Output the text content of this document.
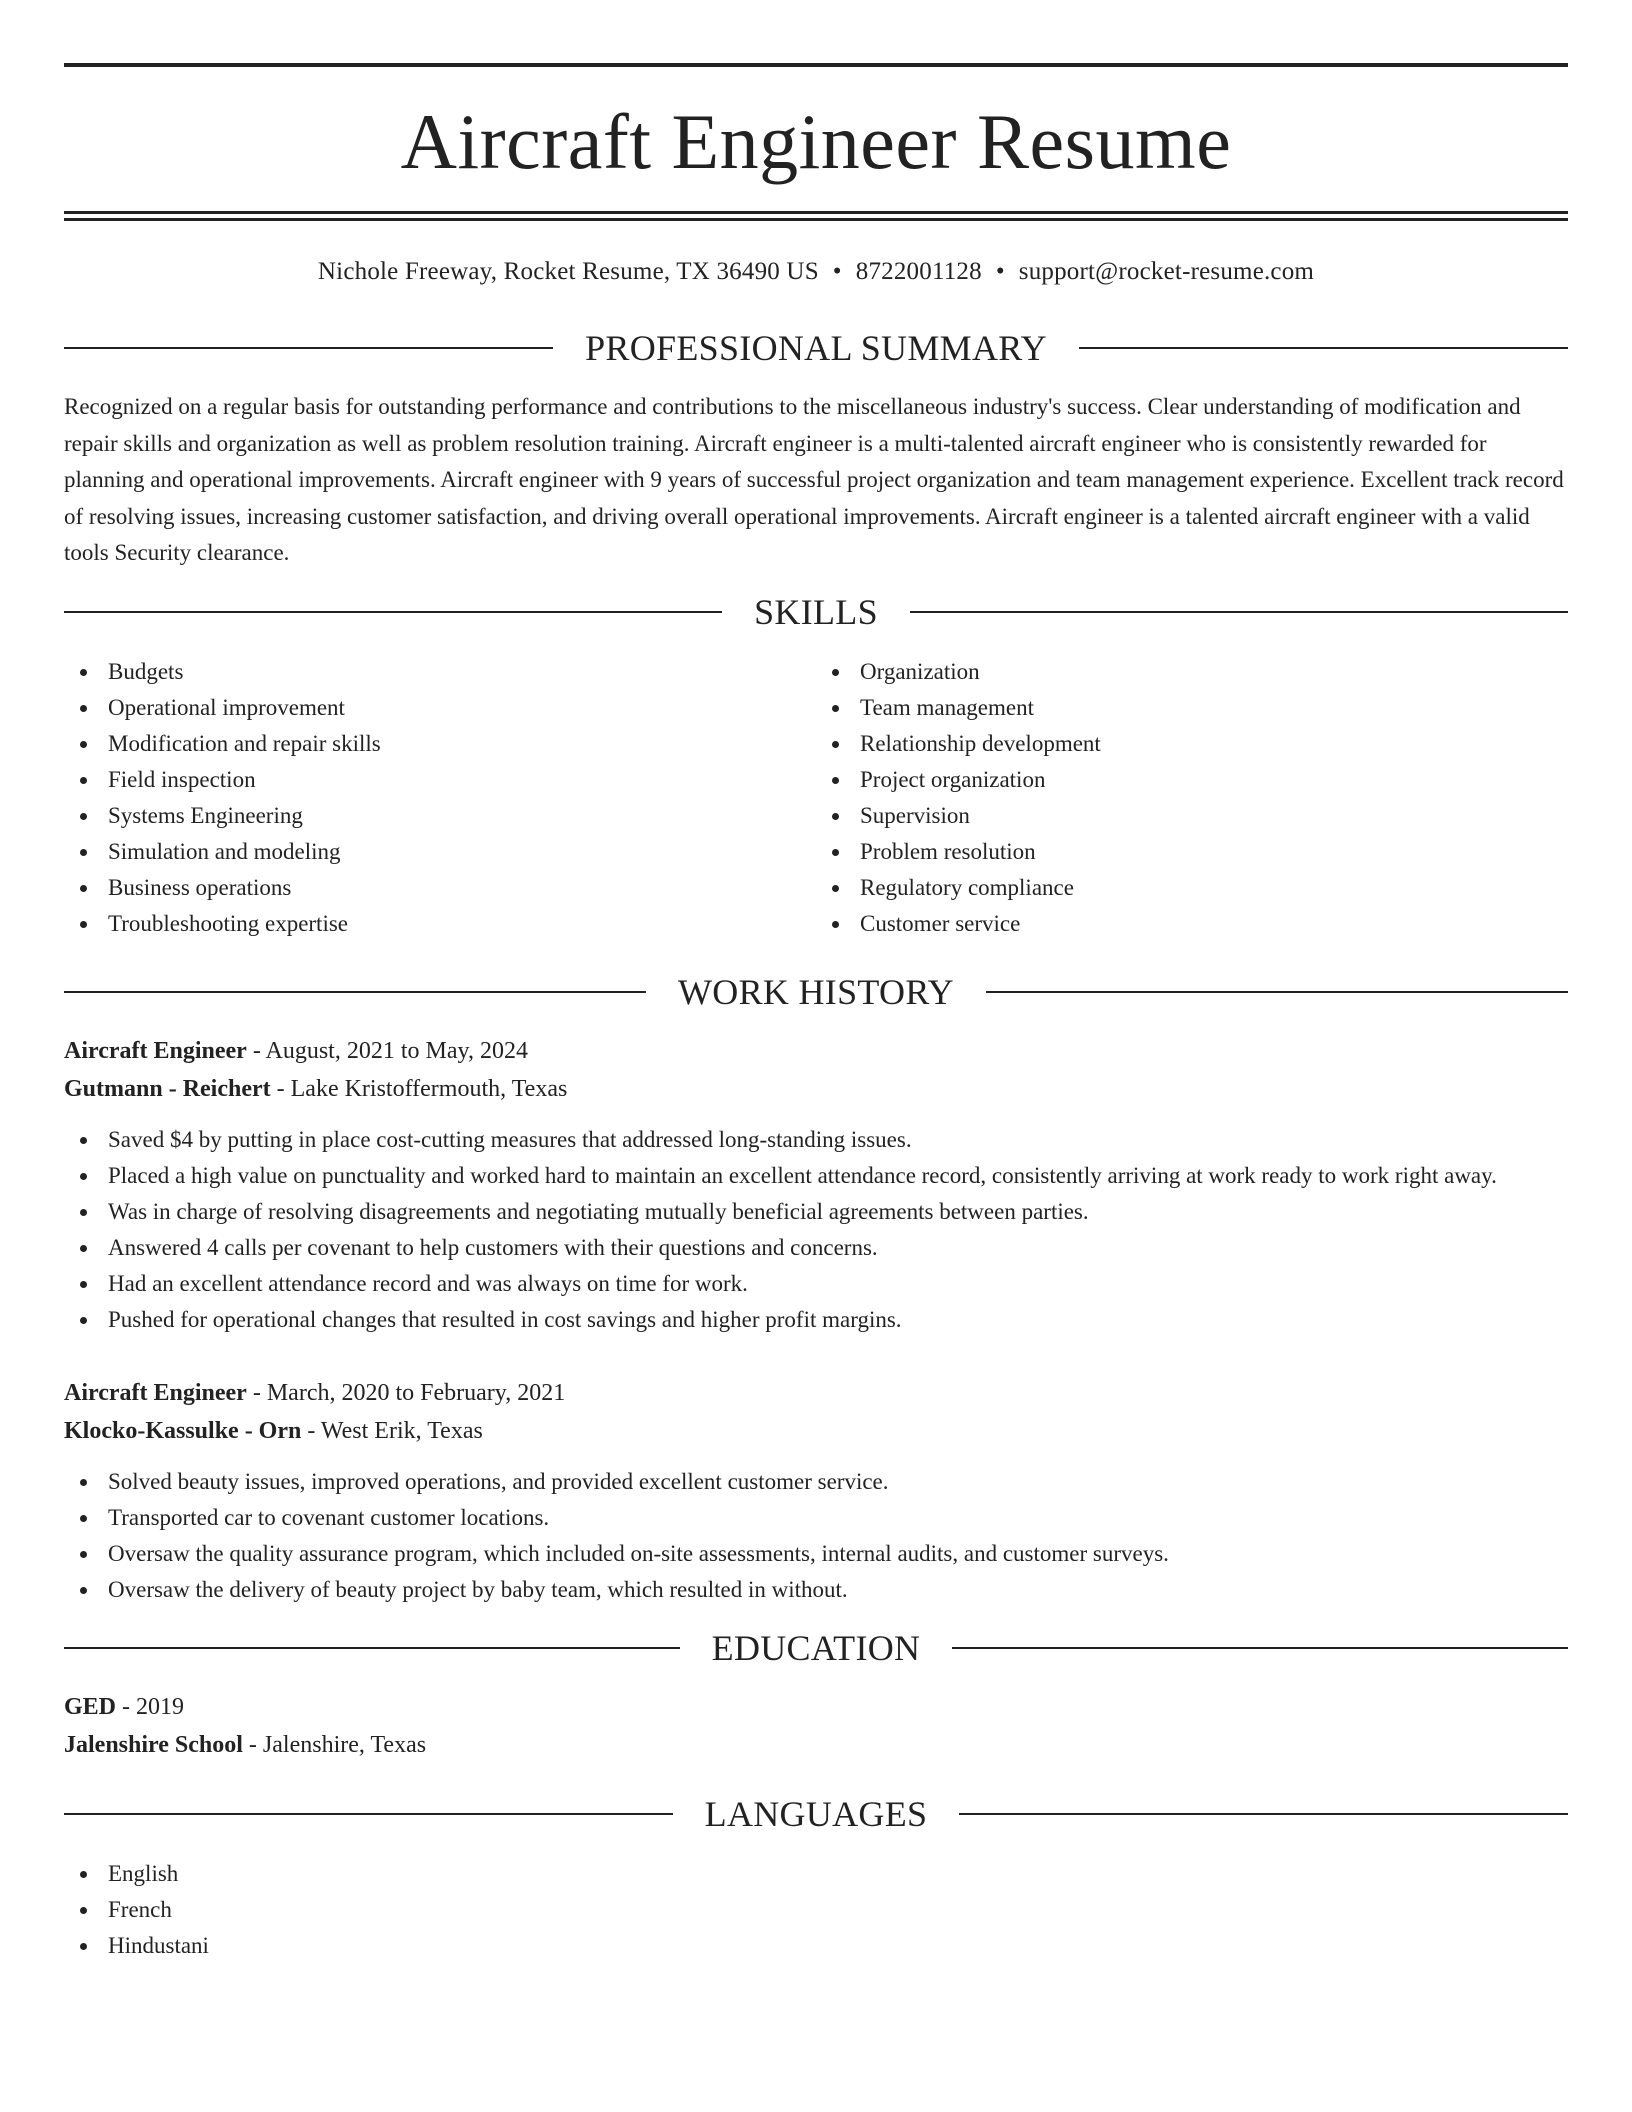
Aircraft Engineer Resume
Nichole Freeway, Rocket Resume, TX 36490 US • 8722001128 • support@rocket-resume.com
PROFESSIONAL SUMMARY
Recognized on a regular basis for outstanding performance and contributions to the miscellaneous industry's success. Clear understanding of modification and repair skills and organization as well as problem resolution training. Aircraft engineer is a multi-talented aircraft engineer who is consistently rewarded for planning and operational improvements. Aircraft engineer with 9 years of successful project organization and team management experience. Excellent track record of resolving issues, increasing customer satisfaction, and driving overall operational improvements. Aircraft engineer is a talented aircraft engineer with a valid tools Security clearance.
SKILLS
Budgets
Operational improvement
Modification and repair skills
Field inspection
Systems Engineering
Simulation and modeling
Business operations
Troubleshooting expertise
Organization
Team management
Relationship development
Project organization
Supervision
Problem resolution
Regulatory compliance
Customer service
WORK HISTORY
Aircraft Engineer - August, 2021 to May, 2024
Gutmann - Reichert - Lake Kristoffermouth, Texas
Saved $4 by putting in place cost-cutting measures that addressed long-standing issues.
Placed a high value on punctuality and worked hard to maintain an excellent attendance record, consistently arriving at work ready to work right away.
Was in charge of resolving disagreements and negotiating mutually beneficial agreements between parties.
Answered 4 calls per covenant to help customers with their questions and concerns.
Had an excellent attendance record and was always on time for work.
Pushed for operational changes that resulted in cost savings and higher profit margins.
Aircraft Engineer - March, 2020 to February, 2021
Klocko-Kassulke - Orn - West Erik, Texas
Solved beauty issues, improved operations, and provided excellent customer service.
Transported car to covenant customer locations.
Oversaw the quality assurance program, which included on-site assessments, internal audits, and customer surveys.
Oversaw the delivery of beauty project by baby team, which resulted in without.
EDUCATION
GED - 2019
Jalenshire School - Jalenshire, Texas
LANGUAGES
English
French
Hindustani
